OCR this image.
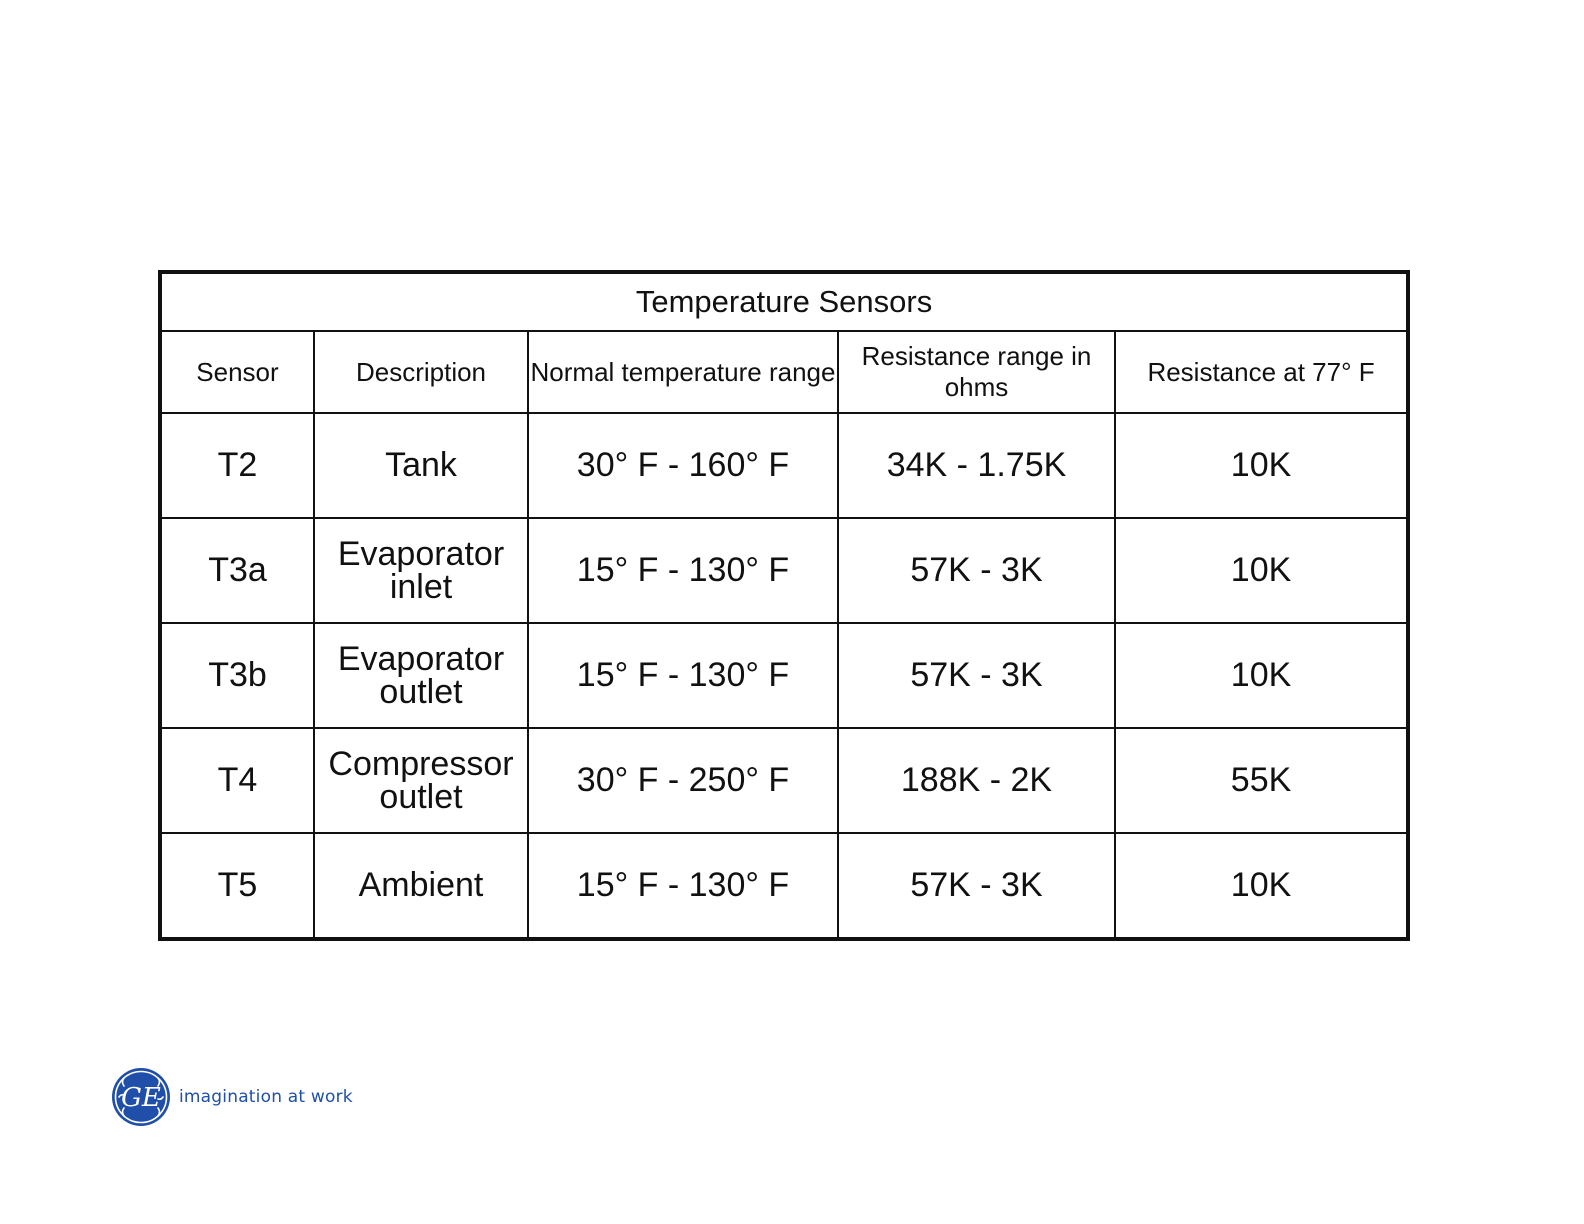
Temperature Sensors				
Sensor	Description	Normal temperature range	Resistance range in ohms	Resistance at 77° F
T2	Tank	30° F - 160° F	34K - 1.75K	10K
T3a	Evaporator inlet	15° F - 130° F	57K - 3K	10K
T3b	Evaporator outlet	15° F - 130° F	57K - 3K	10K
T4	Compressor outlet	30° F - 250° F	188K - 2K	55K
T5	Ambient	15° F - 130° F	57K - 3K	10K
GE imagination at work
